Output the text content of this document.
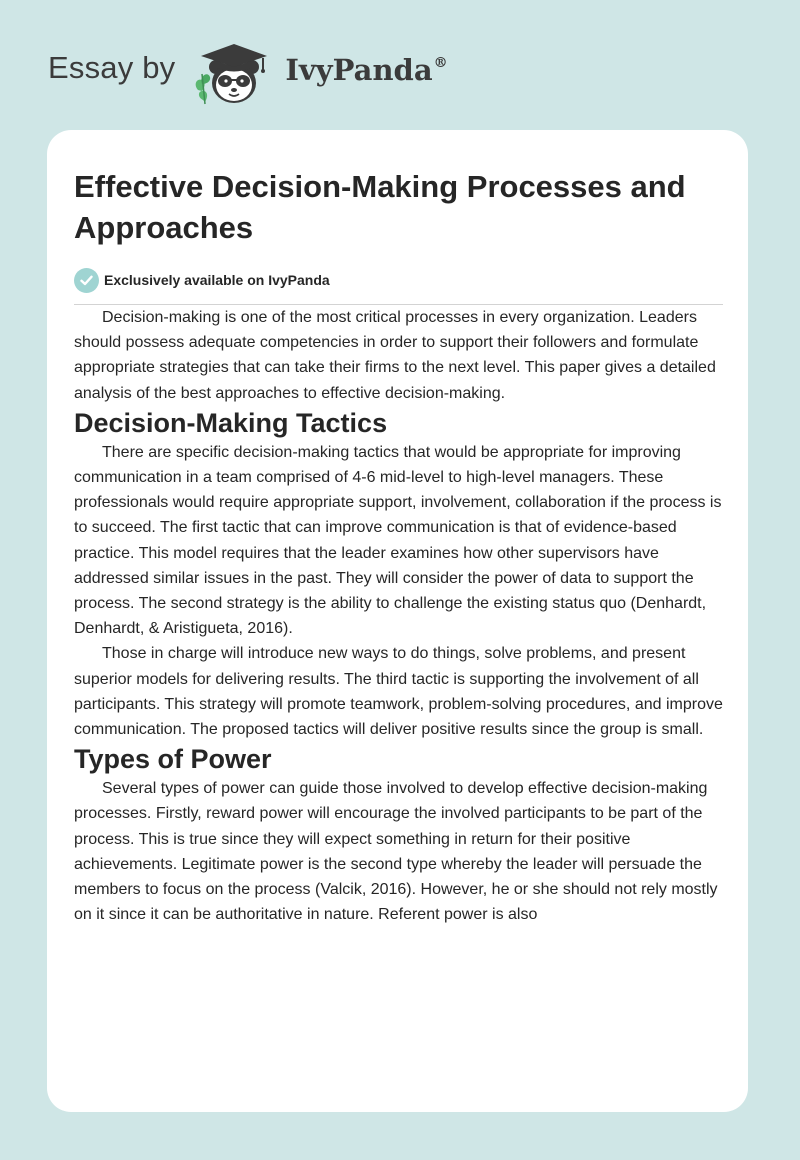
Essay by	IvyPanda®
Effective Decision-Making Processes and Approaches
Exclusively available on IvyPanda

Decision-making is one of the most critical processes in every organization. Leaders should possess adequate competencies in order to support their followers and formulate appropriate strategies that can take their firms to the next level. This paper gives a detailed analysis of the best approaches to effective decision-making.

Decision-Making Tactics

There are specific decision-making tactics that would be appropriate for improving communication in a team comprised of 4-6 mid-level to high-level managers. These professionals would require appropriate support, involvement, collaboration if the process is to succeed. The first tactic that can improve communication is that of evidence-based practice. This model requires that the leader examines how other supervisors have addressed similar issues in the past. They will consider the power of data to support the process. The second strategy is the ability to challenge the existing status quo (Denhardt, Denhardt, & Aristigueta, 2016).

Those in charge will introduce new ways to do things, solve problems, and present superior models for delivering results. The third tactic is supporting the involvement of all participants. This strategy will promote teamwork, problem-solving procedures, and improve communication. The proposed tactics will deliver positive results since the group is small.

Types of Power

Several types of power can guide those involved to develop effective decision-making processes. Firstly, reward power will encourage the involved participants to be part of the process. This is true since they will expect something in return for their positive achievements. Legitimate power is the second type whereby the leader will persuade the members to focus on the process (Valcik, 2016). However, he or she should not rely mostly on it since it can be authoritative in nature. Referent power is also
